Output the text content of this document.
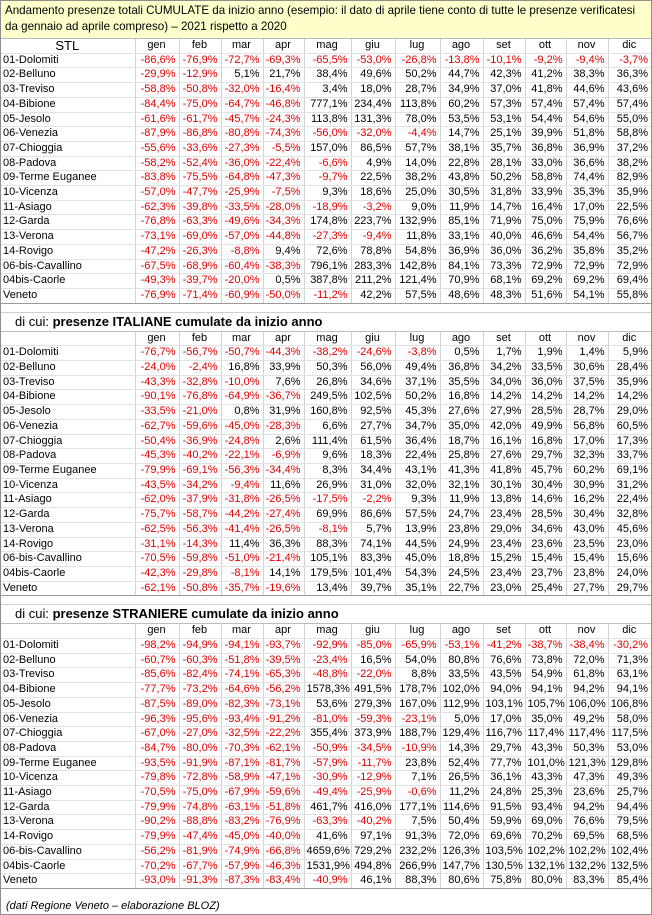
Andamento presenze totali CUMULATE da inizio anno (esempio: il dato di aprile tiene conto di tutte le presenze verificatesi da gennaio ad aprile compreso) – 2021 rispetto a 2020
STL	gen	feb	mar	apr	mag	giu	lug	ago	set	ott	nov	dic
01-Dolomiti	-86,6%	-76,9%	-72,7%	-69,3%	-65,5%	-53,0%	-26,8%	-13,8%	-10,1%	-9,2%	-9,4%	-3,7%
02-Belluno	-29,9%	-12,9%	5,1%	21,7%	38,4%	49,6%	50,2%	44,7%	42,3%	41,2%	38,3%	36,3%
03-Treviso	-58,8%	-50,8%	-32,0%	-16,4%	3,4%	18,0%	28,7%	34,9%	37,0%	41,8%	44,6%	43,6%
04-Bibione	-84,4%	-75,0%	-64,7%	-46,8%	777,1%	234,4%	113,8%	60,2%	57,3%	57,4%	57,4%	57,4%
05-Jesolo	-61,6%	-61,7%	-45,7%	-24,3%	113,8%	131,3%	78,0%	53,5%	53,1%	54,4%	54,6%	55,0%
06-Venezia	-87,9%	-86,8%	-80,8%	-74,3%	-56,0%	-32,0%	-4,4%	14,7%	25,1%	39,9%	51,8%	58,8%
07-Chioggia	-55,6%	-33,6%	-27,3%	-5,5%	157,0%	86,5%	57,7%	38,1%	35,7%	36,8%	36,9%	37,2%
08-Padova	-58,2%	-52,4%	-36,0%	-22,4%	-6,6%	4,9%	14,0%	22,8%	28,1%	33,0%	36,6%	38,2%
09-Terme Euganee	-83,8%	-75,5%	-64,8%	-47,3%	-9,7%	22,5%	38,2%	43,8%	50,2%	58,8%	74,4%	82,9%
10-Vicenza	-57,0%	-47,7%	-25,9%	-7,5%	9,3%	18,6%	25,0%	30,5%	31,8%	33,9%	35,3%	35,9%
11-Asiago	-62,3%	-39,8%	-33,5%	-28,0%	-18,9%	-3,2%	9,0%	11,9%	14,7%	16,4%	17,0%	22,5%
12-Garda	-76,8%	-63,3%	-49,6%	-34,3%	174,8%	223,7%	132,9%	85,1%	71,9%	75,0%	75,9%	76,6%
13-Verona	-73,1%	-69,0%	-57,0%	-44,8%	-27,3%	-9,4%	11,8%	33,1%	40,0%	46,6%	54,4%	56,7%
14-Rovigo	-47,2%	-26,3%	-8,8%	9,4%	72,6%	78,8%	54,8%	36,9%	36,0%	36,2%	35,8%	35,2%
06-bis-Cavallino	-67,5%	-68,9%	-60,4%	-38,3%	796,1%	283,3%	142,8%	84,1%	73,3%	72,9%	72,9%	72,9%
04bis-Caorle	-49,3%	-39,7%	-20,0%	0,5%	387,8%	211,2%	121,4%	70,9%	68,1%	69,2%	69,2%	69,4%
Veneto	-76,9%	-71,4%	-60,9%	-50,0%	-11,2%	42,2%	57,5%	48,6%	48,3%	51,6%	54,1%	55,8%

di cui: presenze ITALIANE cumulate da inizio anno												
	gen	feb	mar	apr	mag	giu	lug	ago	set	ott	nov	dic
01-Dolomiti	-76,7%	-56,7%	-50,7%	-44,3%	-38,2%	-24,6%	-3,8%	0,5%	1,7%	1,9%	1,4%	5,9%
02-Belluno	-24,0%	-2,4%	16,8%	33,9%	50,3%	56,0%	49,4%	36,8%	34,2%	33,5%	30,6%	28,4%
03-Treviso	-43,3%	-32,8%	-10,0%	7,6%	26,8%	34,6%	37,1%	35,5%	34,0%	36,0%	37,5%	35,9%
04-Bibione	-90,1%	-76,8%	-64,9%	-36,7%	249,5%	102,5%	50,2%	16,8%	14,2%	14,2%	14,2%	14,2%
05-Jesolo	-33,5%	-21,0%	0,8%	31,9%	160,8%	92,5%	45,3%	27,6%	27,9%	28,5%	28,7%	29,0%
06-Venezia	-62,7%	-59,6%	-45,0%	-28,3%	6,6%	27,7%	34,7%	35,0%	42,0%	49,9%	56,8%	60,5%
07-Chioggia	-50,4%	-36,9%	-24,8%	2,6%	111,4%	61,5%	36,4%	18,7%	16,1%	16,8%	17,0%	17,3%
08-Padova	-45,3%	-40,2%	-22,1%	-6,9%	9,6%	18,3%	22,4%	25,8%	27,6%	29,7%	32,3%	33,7%
09-Terme Euganee	-79,9%	-69,1%	-56,3%	-34,4%	8,3%	34,4%	43,1%	41,3%	41,8%	45,7%	60,2%	69,1%
10-Vicenza	-43,5%	-34,2%	-9,4%	11,6%	26,9%	31,0%	32,0%	32,1%	30,1%	30,4%	30,9%	31,2%
11-Asiago	-62,0%	-37,9%	-31,8%	-26,5%	-17,5%	-2,2%	9,3%	11,9%	13,8%	14,6%	16,2%	22,4%
12-Garda	-75,7%	-58,7%	-44,2%	-27,4%	69,9%	86,6%	57,5%	24,7%	23,4%	28,5%	30,4%	32,8%
13-Verona	-62,5%	-56,3%	-41,4%	-26,5%	-8,1%	5,7%	13,9%	23,8%	29,0%	34,6%	43,0%	45,6%
14-Rovigo	-31,1%	-14,3%	11,4%	36,3%	88,3%	74,1%	44,5%	24,9%	23,4%	23,6%	23,5%	23,0%
06-bis-Cavallino	-70,5%	-59,8%	-51,0%	-21,4%	105,1%	83,3%	45,0%	18,8%	15,2%	15,4%	15,4%	15,6%
04bis-Caorle	-42,3%	-29,8%	-8,1%	14,1%	179,5%	101,4%	54,3%	24,5%	23,4%	23,7%	23,8%	24,0%
Veneto	-62,1%	-50,8%	-35,7%	-19,6%	13,4%	39,7%	35,1%	22,7%	23,0%	25,4%	27,7%	29,7%

di cui: presenze STRANIERE cumulate da inizio anno												
	gen	feb	mar	apr	mag	giu	lug	ago	set	ott	nov	dic
01-Dolomiti	-98,2%	-94,9%	-94,1%	-93,7%	-92,9%	-85,0%	-65,9%	-53,1%	-41,2%	-38,7%	-38,4%	-30,2%
02-Belluno	-60,7%	-60,3%	-51,8%	-39,5%	-23,4%	16,5%	54,0%	80,8%	76,6%	73,8%	72,0%	71,3%
03-Treviso	-85,6%	-82,4%	-74,1%	-65,3%	-48,8%	-22,0%	8,8%	33,5%	43,5%	54,9%	61,8%	63,1%
04-Bibione	-77,7%	-73,2%	-64,6%	-56,2%	1578,3%	491,5%	178,7%	102,0%	94,0%	94,1%	94,2%	94,1%
05-Jesolo	-87,5%	-89,0%	-82,3%	-73,1%	53,6%	279,3%	167,0%	112,9%	103,1%	105,7%	106,0%	106,8%
06-Venezia	-96,3%	-95,6%	-93,4%	-91,2%	-81,0%	-59,3%	-23,1%	5,0%	17,0%	35,0%	49,2%	58,0%
07-Chioggia	-67,0%	-27,0%	-32,5%	-22,2%	355,4%	373,9%	188,7%	129,4%	116,7%	117,4%	117,4%	117,5%
08-Padova	-84,7%	-80,0%	-70,3%	-62,1%	-50,9%	-34,5%	-10,9%	14,3%	29,7%	43,3%	50,3%	53,0%
09-Terme Euganee	-93,5%	-91,9%	-87,1%	-81,7%	-57,9%	-11,7%	23,8%	52,4%	77,7%	101,0%	121,3%	129,8%
10-Vicenza	-79,8%	-72,8%	-58,9%	-47,1%	-30,9%	-12,9%	7,1%	26,5%	36,1%	43,3%	47,3%	49,3%
11-Asiago	-70,5%	-75,0%	-67,9%	-59,6%	-49,4%	-25,9%	-0,6%	11,2%	24,8%	25,3%	23,6%	25,7%
12-Garda	-79,9%	-74,8%	-63,1%	-51,8%	461,7%	416,0%	177,1%	114,6%	91,5%	93,4%	94,2%	94,4%
13-Verona	-90,2%	-88,8%	-83,2%	-76,9%	-63,3%	-40,2%	7,5%	50,4%	59,9%	69,0%	76,6%	79,5%
14-Rovigo	-79,9%	-47,4%	-45,0%	-40,0%	41,6%	97,1%	91,3%	72,0%	69,6%	70,2%	69,5%	68,5%
06-bis-Cavallino	-56,2%	-81,9%	-74,9%	-66,8%	4659,6%	729,2%	232,2%	126,3%	103,5%	102,2%	102,2%	102,4%
04bis-Caorle	-70,2%	-67,7%	-57,9%	-46,3%	1531,9%	494,8%	266,9%	147,7%	130,5%	132,1%	132,2%	132,5%
Veneto	-93,0%	-91,3%	-87,3%	-83,4%	-40,9%	46,1%	88,3%	80,6%	75,8%	80,0%	83,3%	85,4%
(dati Regione Veneto – elaborazione BLOZ)
